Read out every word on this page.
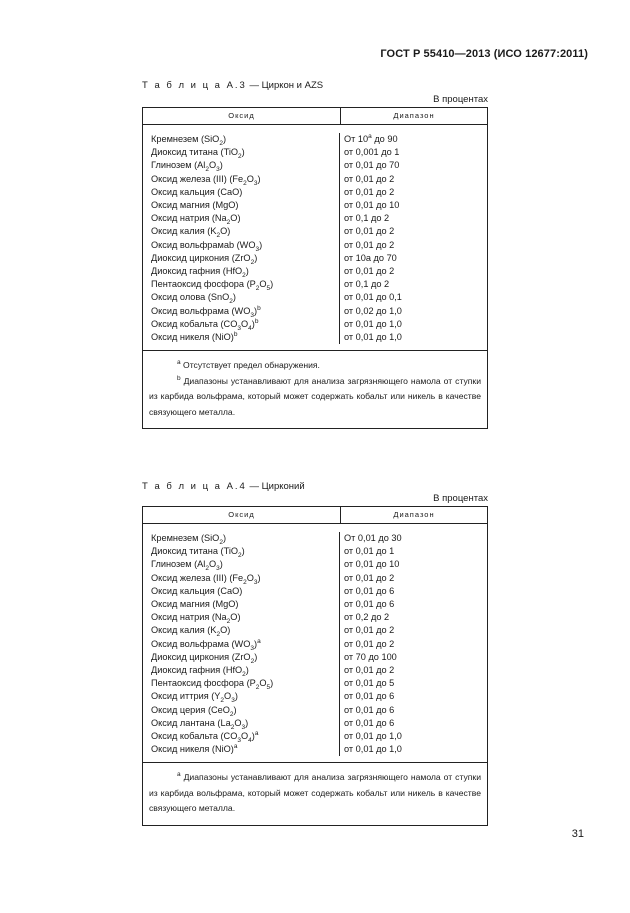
ГОСТ Р 55410—2013 (ИСО 12677:2011)
Т а б л и ц а А.3 — Циркон и AZS
В процентах
Оксид	Диапазон
Кремнезем (SiO$_2$)
Диоксид титана (TiO$_2$)
Глинозем $(Al_2O_3)$
Оксид железа (III) $(Fe_2O_3)$
Оксид кальция (CaO)
Оксид магния (MgO)
Оксид натрия $(Na_2O)$
Оксид калия $(K_2O)$
Оксид вольфрамаb $(WO_3)$
Диоксид циркония (ZrO$_2$)
Диоксид гафния (HfO$_2$)
Пентаоксид фосфора $(P_2O_5)$
Оксид олова (SnO$_2$)
Оксид вольфрама $(WO_3)^b$
Оксид кобальта $(CO_3O_4)^b$
Оксид никеля (NiO)$^b$
От 10$^a$ до 90
от 0,001 до 1
от 0,01 до 70
от 0,01 до 2
от 0,01 до 2
от 0,01 до 10
от 0,1 до 2
от 0,01 до 2
от 0,01 до 2
от 10а до 70
от 0,01 до 2
от 0,1 до 2
от 0,01 до 0,1
от 0,02 до 1,0
от 0,01 до 1,0
от 0,01 до 1,0

$^a$ Отсутствует предел обнаружения.

$^b$ Диапазоны устанавливают для анализа загрязняющего намола от ступки из карбида вольфрама, который может содержать кобальт или никель в качестве связующего металла.

Т а б л и ц а А.4 — Цирконий
В процентах
Оксид	Диапазон
Кремнезем (SiO$_2$)
Диоксид титана (TiO$_2$)
Глинозем $(Al_2O_3)$
Оксид железа (III) $(Fe_2O_3)$
Оксид кальция (CaO)
Оксид магния (MgO)
Оксид натрия $(Na_2O)$
Оксид калия $(K_2O)$
Оксид вольфрама $(WO_3)^a$
Диоксид циркония (ZrO$_2$)
Диоксид гафния (HfO$_2$)
Пентаоксид фосфора $(P_2O_5)$
Оксид иттрия $(Y_2O_3)$
Оксид церия (CeO$_2$)
Оксид лантана $(La_2O_3)$
Оксид кобальта $(CO_3O_4)^a$
Оксид никеля (NiO)$^a$
От 0,01 до 30
от 0,01 до 1
от 0,01 до 10
от 0,01 до 2
от 0,01 до 6
от 0,01 до 6
от 0,2 до 2
от 0,01 до 2
от 0,01 до 2
от 70 до 100
от 0,01 до 2
от 0,01 до 5
от 0,01 до 6
от 0,01 до 6
от 0,01 до 6
от 0,01 до 1,0
от 0,01 до 1,0

$^a$ Диапазоны устанавливают для анализа загрязняющего намола от ступки из карбида вольфрама, который может содержать кобальт или никель в качестве связующего металла.

31
